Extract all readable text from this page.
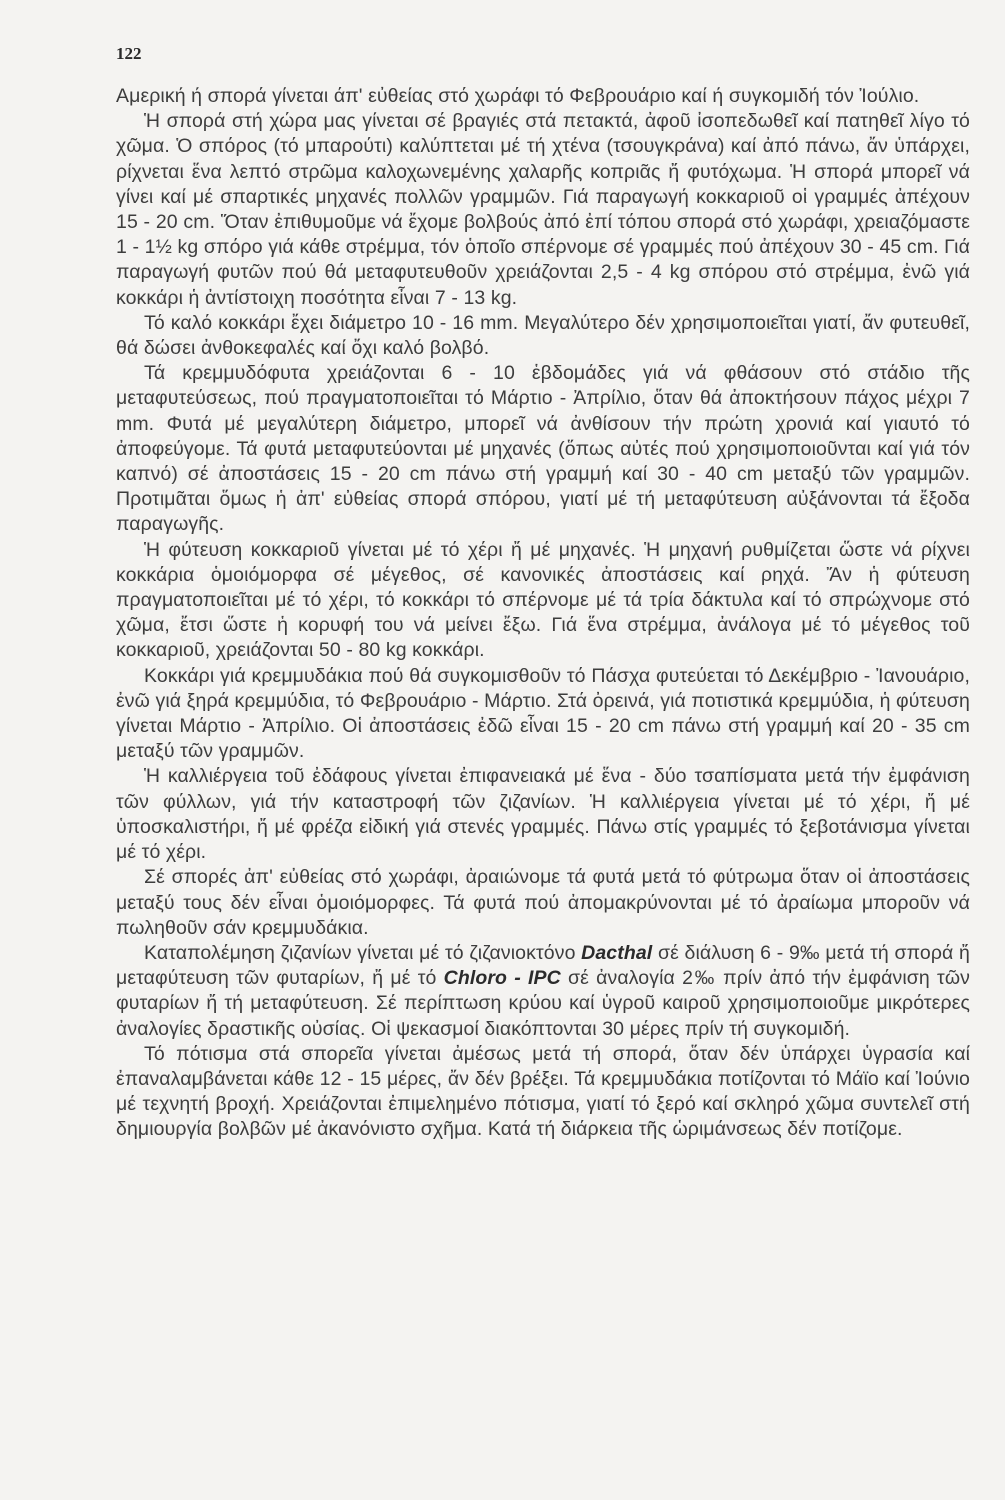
122

Αμερική ή σπορά γίνεται άπ' εὐθείας στό χωράφι τό Φεβρουάριο καί ή συγκομιδή τόν Ἰούλιο.

Ἡ σπορά στή χώρα μας γίνεται σέ βραγιές στά πετακτά, ἀφοῦ ἰσοπεδωθεῖ καί πατηθεῖ λίγο τό χῶμα. Ὁ σπόρος (τό μπαρούτι) καλύπτεται μέ τή χτένα (τσουγκράνα) καί ἀπό πάνω, ἄν ὑπάρχει, ρίχνεται ἕνα λεπτό στρῶμα καλοχωνεμένης χαλαρῆς κοπριᾶς ἤ φυτόχωμα. Ἡ σπορά μπορεῖ νά γίνει καί μέ σπαρτικές μηχανές πολλῶν γραμμῶν. Γιά παραγωγή κοκκαριοῦ οἱ γραμμές ἀπέχουν 15 - 20 cm. Ὅταν ἐπιθυμοῦμε νά ἔχομε βολβούς ἀπό ἐπί τόπου σπορά στό χωράφι, χρειαζόμαστε 1 - 1½ kg σπόρο γιά κάθε στρέμμα, τόν ὁποῖο σπέρνομε σέ γραμμές πού ἀπέχουν 30 - 45 cm. Γιά παραγωγή φυτῶν πού θά μεταφυτευθοῦν χρειάζονται 2,5 - 4 kg σπόρου στό στρέμμα, ἐνῶ γιά κοκκάρι ἡ ἀντίστοιχη ποσότητα εἶναι 7 - 13 kg.

Τό καλό κοκκάρι ἔχει διάμετρο 10 - 16 mm. Μεγαλύτερο δέν χρησιμοποιεῖται γιατί, ἄν φυτευθεῖ, θά δώσει ἀνθοκεφαλές καί ὄχι καλό βολβό.

Τά κρεμμυδόφυτα χρειάζονται 6 - 10 ἑβδομάδες γιά νά φθάσουν στό στάδιο τῆς μεταφυτεύσεως, πού πραγματοποιεῖται τό Μάρτιο - Ἀπρίλιο, ὅταν θά ἀποκτήσουν πάχος μέχρι 7 mm. Φυτά μέ μεγαλύτερη διάμετρο, μπορεῖ νά ἀνθίσουν τήν πρώτη χρονιά καί γιαυτό τό ἀποφεύγομε. Τά φυτά μεταφυτεύονται μέ μηχανές (ὅπως αὐτές πού χρησιμοποιοῦνται καί γιά τόν καπνό) σέ ἀποστάσεις 15 - 20 cm πάνω στή γραμμή καί 30 - 40 cm μεταξύ τῶν γραμμῶν. Προτιμᾶται ὅμως ἡ ἀπ' εὐθείας σπορά σπόρου, γιατί μέ τή μεταφύτευση αὐξάνονται τά ἔξοδα παραγωγῆς.

Ἡ φύτευση κοκκαριοῦ γίνεται μέ τό χέρι ἤ μέ μηχανές. Ἡ μηχανή ρυθμίζεται ὥστε νά ρίχνει κοκκάρια ὁμοιόμορφα σέ μέγεθος, σέ κανονικές ἀποστάσεις καί ρηχά. Ἄν ἡ φύτευση πραγματοποιεῖται μέ τό χέρι, τό κοκκάρι τό σπέρνομε μέ τά τρία δάκτυλα καί τό σπρώχνομε στό χῶμα, ἔτσι ὥστε ἡ κορυφή του νά μείνει ἔξω. Γιά ἕνα στρέμμα, ἀνάλογα μέ τό μέγεθος τοῦ κοκκαριοῦ, χρειάζονται 50 - 80 kg κοκκάρι.

Κοκκάρι γιά κρεμμυδάκια πού θά συγκομισθοῦν τό Πάσχα φυτεύεται τό Δεκέμβριο - Ἰανουάριο, ἐνῶ γιά ξηρά κρεμμύδια, τό Φεβρουάριο - Μάρτιο. Στά ὀρεινά, γιά ποτιστικά κρεμμύδια, ἡ φύτευση γίνεται Μάρτιο - Ἀπρίλιο. Οἱ ἀποστάσεις ἐδῶ εἶναι 15 - 20 cm πάνω στή γραμμή καί 20 - 35 cm μεταξύ τῶν γραμμῶν.

Ἡ καλλιέργεια τοῦ ἐδάφους γίνεται ἐπιφανειακά μέ ἕνα - δύο τσαπίσματα μετά τήν ἐμφάνιση τῶν φύλλων, γιά τήν καταστροφή τῶν ζιζανίων. Ἡ καλλιέργεια γίνεται μέ τό χέρι, ἤ μέ ὑποσκαλιστήρι, ἤ μέ φρέζα εἰδική γιά στενές γραμμές. Πάνω στίς γραμμές τό ξεβοτάνισμα γίνεται μέ τό χέρι.

Σέ σπορές ἀπ' εὐθείας στό χωράφι, ἀραιώνομε τά φυτά μετά τό φύτρωμα ὅταν οἱ ἀποστάσεις μεταξύ τους δέν εἶναι ὁμοιόμορφες. Τά φυτά πού ἀπομακρύνονται μέ τό ἀραίωμα μποροῦν νά πωληθοῦν σάν κρεμμυδάκια.

Καταπολέμηση ζιζανίων γίνεται μέ τό ζιζανιοκτόνο Dacthal σέ διάλυση 6 - 9‰ μετά τή σπορά ἤ μεταφύτευση τῶν φυταρίων, ἤ μέ τό Chloro - IPC σέ ἀναλογία 2‰ πρίν ἀπό τήν ἐμφάνιση τῶν φυταρίων ἤ τή μεταφύτευση. Σέ περίπτωση κρύου καί ὑγροῦ καιροῦ χρησιμοποιοῦμε μικρότερες ἀναλογίες δραστικῆς οὐσίας. Οἱ ψεκασμοί διακόπτονται 30 μέρες πρίν τή συγκομιδή.

Τό πότισμα στά σπορεῖα γίνεται ἀμέσως μετά τή σπορά, ὅταν δέν ὑπάρχει ὑγρασία καί ἐπαναλαμβάνεται κάθε 12 - 15 μέρες, ἄν δέν βρέξει. Τά κρεμμυδάκια ποτίζονται τό Μάϊο καί Ἰούνιο μέ τεχνητή βροχή. Χρειάζονται ἐπιμελημένο πότισμα, γιατί τό ξερό καί σκληρό χῶμα συντελεῖ στή δημιουργία βολβῶν μέ ἀκανόνιστο σχῆμα. Κατά τή διάρκεια τῆς ὡριμάνσεως δέν ποτίζομε.
